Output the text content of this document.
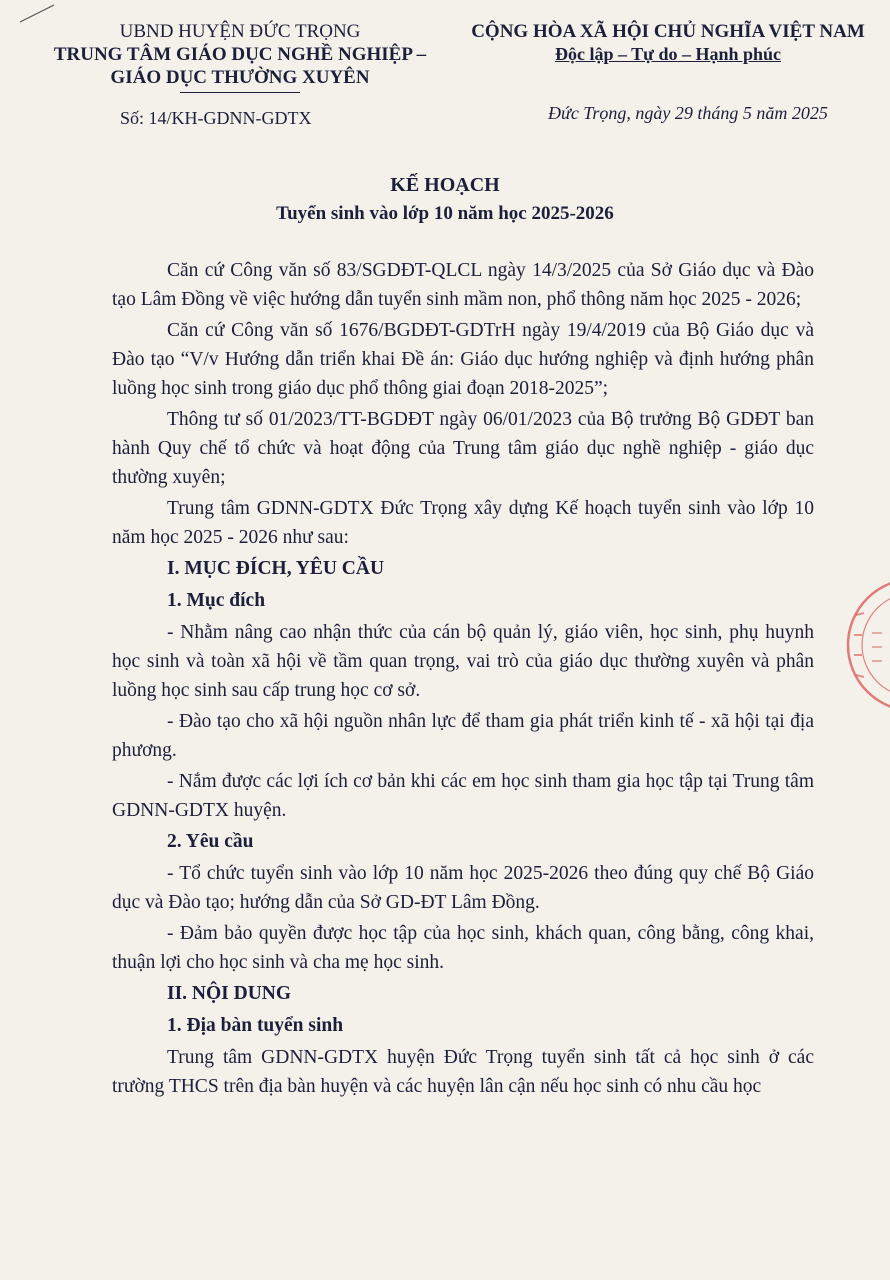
UBND HUYỆN ĐỨC TRỌNG
TRUNG TÂM GIÁO DỤC NGHỀ NGHIỆP –
GIÁO DỤC THƯỜNG XUYÊN
CỘNG HÒA XÃ HỘI CHỦ NGHĨA VIỆT NAM
Độc lập – Tự do – Hạnh phúc
Số: 14/KH-GDNN-GDTX	Đức Trọng, ngày 29 tháng 5 năm 2025
KẾ HOẠCH
Tuyển sinh vào lớp 10 năm học 2025-2026

Căn cứ Công văn số 83/SGDĐT-QLCL ngày 14/3/2025 của Sở Giáo dục và Đào tạo Lâm Đồng về việc hướng dẫn tuyển sinh mầm non, phổ thông năm học 2025 - 2026;

Căn cứ Công văn số 1676/BGDĐT-GDTrH ngày 19/4/2019 của Bộ Giáo dục và Đào tạo “V/v Hướng dẫn triển khai Đề án: Giáo dục hướng nghiệp và định hướng phân luồng học sinh trong giáo dục phổ thông giai đoạn 2018-2025”;

Thông tư số 01/2023/TT-BGDĐT ngày 06/01/2023 của Bộ trưởng Bộ GDĐT ban hành Quy chế tổ chức và hoạt động của Trung tâm giáo dục nghề nghiệp - giáo dục thường xuyên;

Trung tâm GDNN-GDTX Đức Trọng xây dựng Kế hoạch tuyển sinh vào lớp 10 năm học 2025 - 2026 như sau:

I. MỤC ĐÍCH, YÊU CẦU
1. Mục đích

- Nhằm nâng cao nhận thức của cán bộ quản lý, giáo viên, học sinh, phụ huynh học sinh và toàn xã hội về tầm quan trọng, vai trò của giáo dục thường xuyên và phân luồng học sinh sau cấp trung học cơ sở.

- Đào tạo cho xã hội nguồn nhân lực để tham gia phát triển kinh tế - xã hội tại địa phương.

- Nắm được các lợi ích cơ bản khi các em học sinh tham gia học tập tại Trung tâm GDNN-GDTX huyện.

2. Yêu cầu

- Tổ chức tuyển sinh vào lớp 10 năm học 2025-2026 theo đúng quy chế Bộ Giáo dục và Đào tạo; hướng dẫn của Sở GD-ĐT Lâm Đồng.

- Đảm bảo quyền được học tập của học sinh, khách quan, công bằng, công khai, thuận lợi cho học sinh và cha mẹ học sinh.

II. NỘI DUNG
1. Địa bàn tuyển sinh

Trung tâm GDNN-GDTX huyện Đức Trọng tuyển sinh tất cả học sinh ở các trường THCS trên địa bàn huyện và các huyện lân cận nếu học sinh có nhu cầu học
